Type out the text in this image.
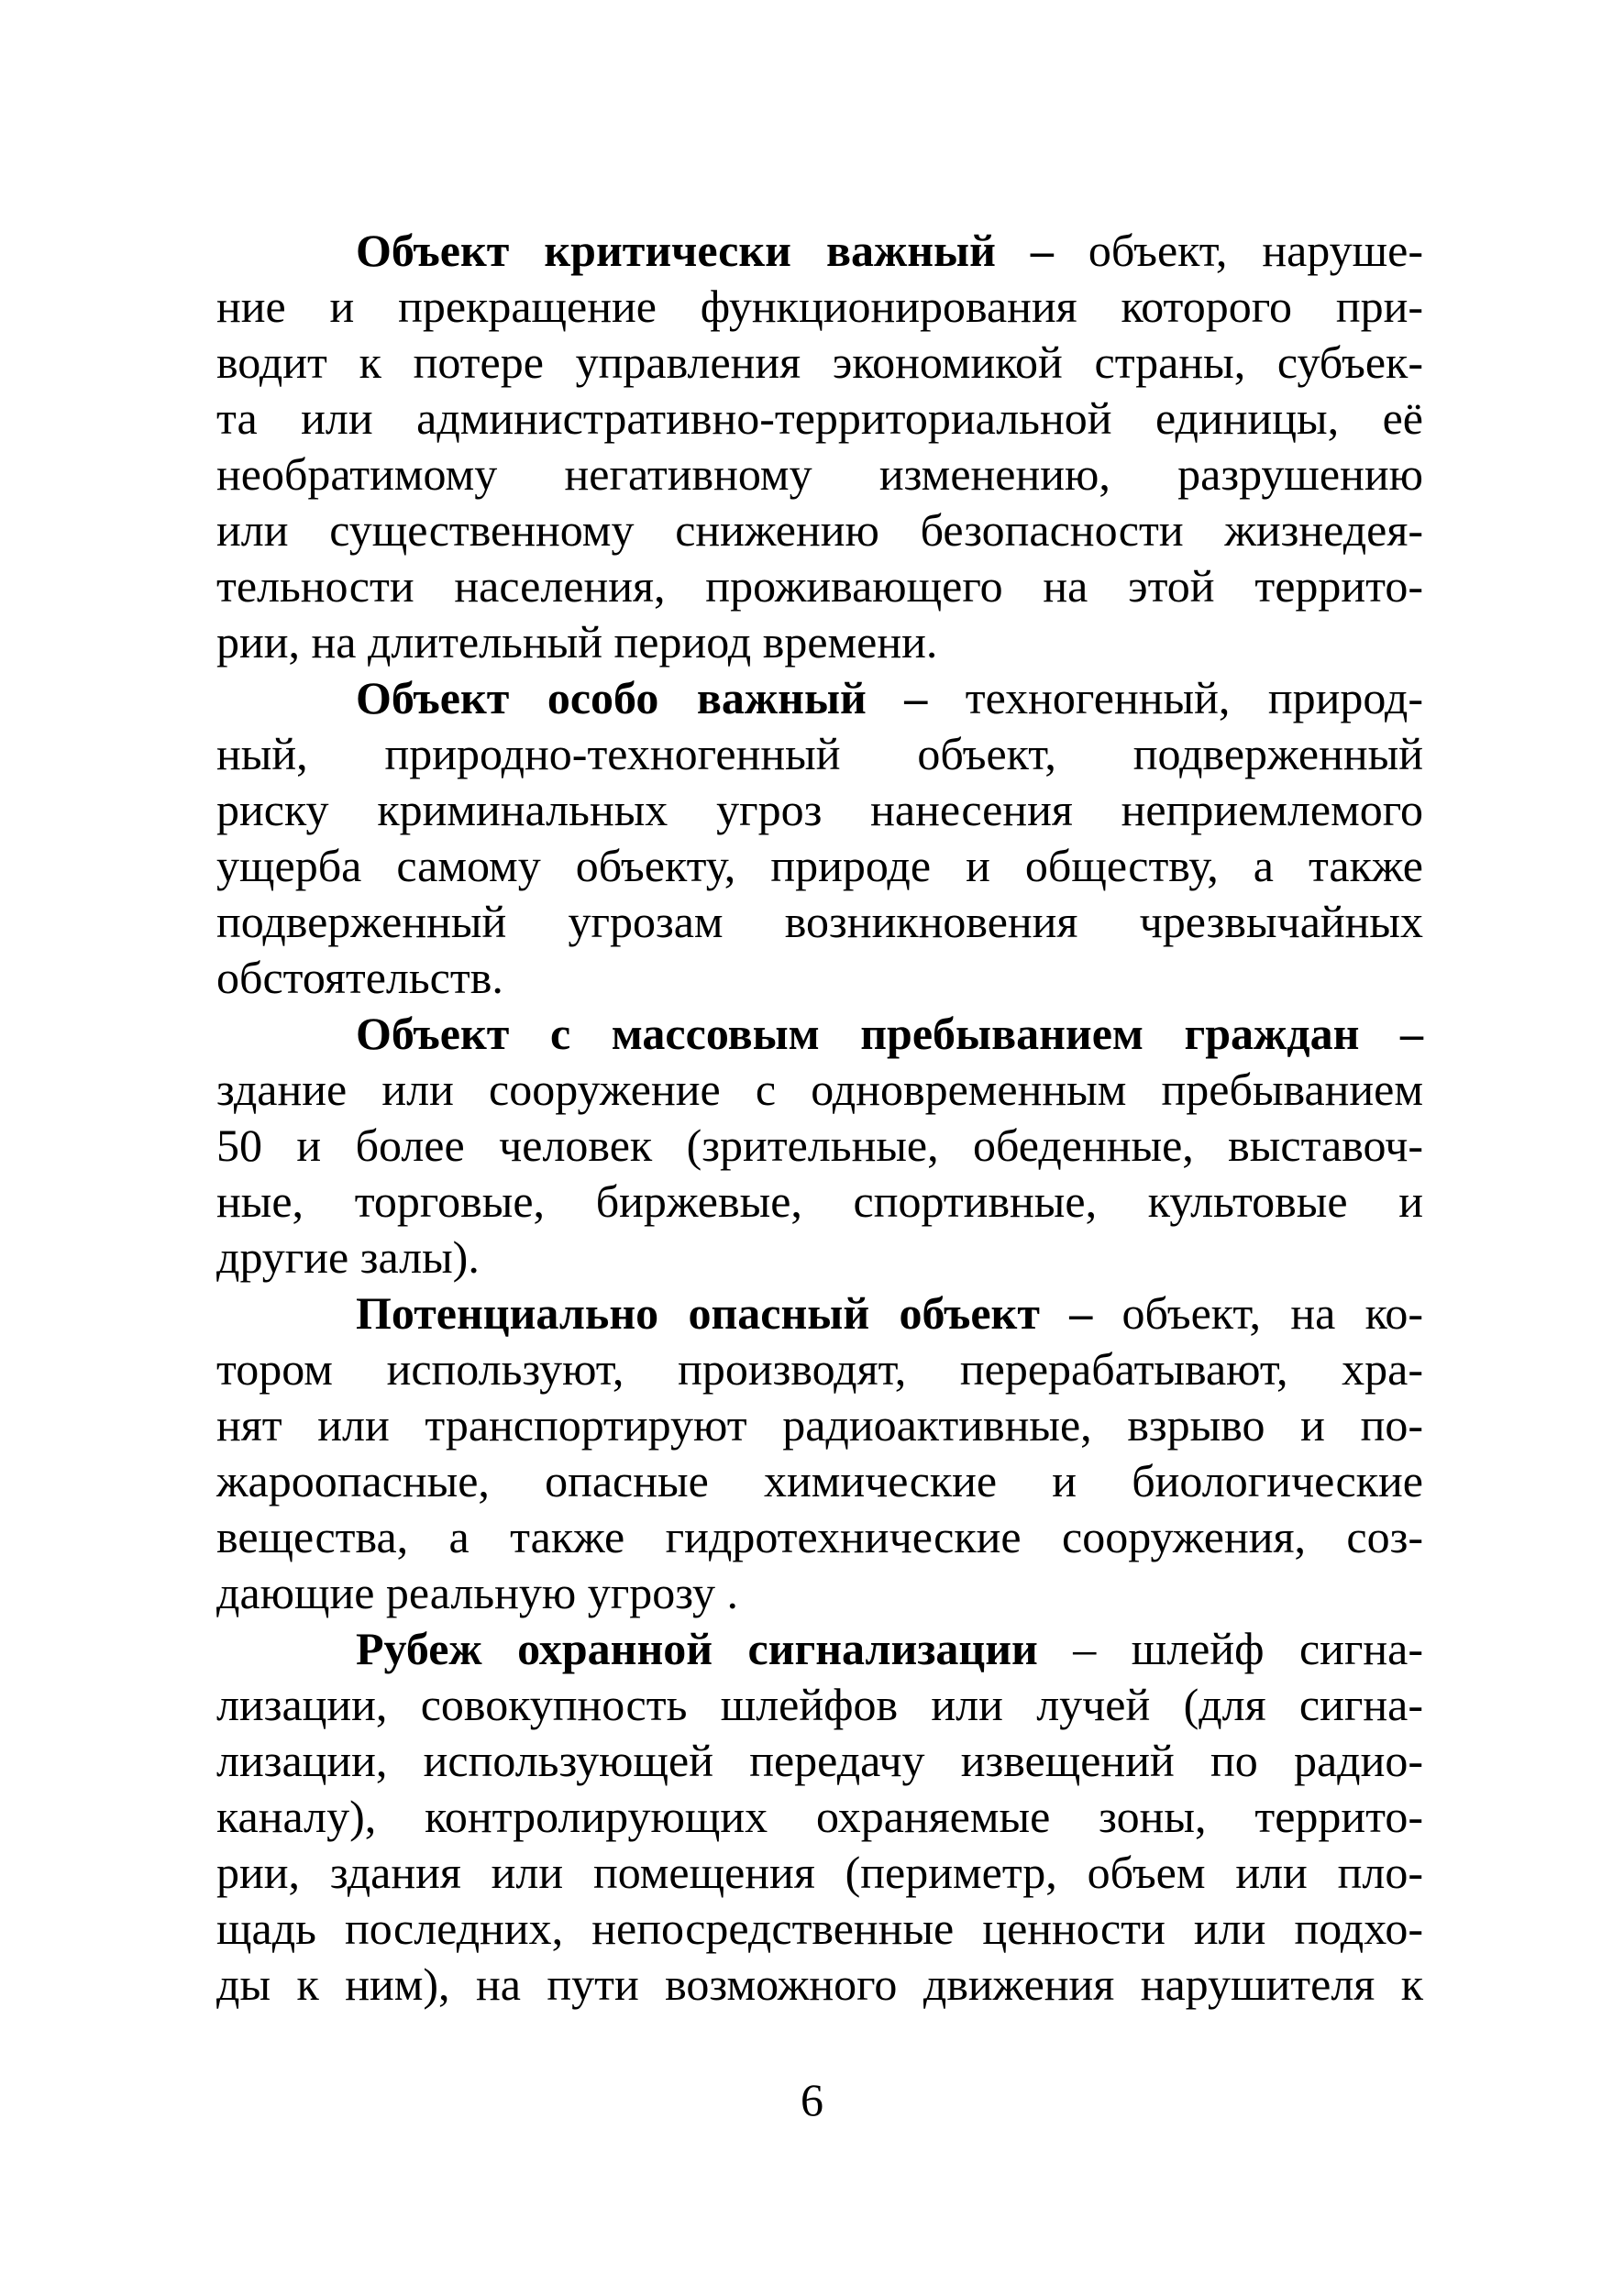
Объект критически важный – объект, наруше-
ние и прекращение функционирования которого при-
водит к потере управления экономикой страны, субъек-
та или административно-территориальной единицы, её
необратимому негативному изменению, разрушению
или существенному снижению безопасности жизнедея-
тельности населения, проживающего на этой террито-
рии, на длительный период времени.
Объект особо важный – техногенный, природ-
ный, природно-техногенный объект, подверженный
риску криминальных угроз нанесения неприемлемого
ущерба самому объекту, природе и обществу, а также
подверженный угрозам возникновения чрезвычайных
обстоятельств.
Объект с массовым пребыванием граждан –
здание или сооружение с одновременным пребыванием
50 и более человек (зрительные, обеденные, выставоч-
ные, торговые, биржевые, спортивные, культовые и
другие залы).
Потенциально опасный объект – объект, на ко-
тором используют, производят, перерабатывают, хра-
нят или транспортируют радиоактивные, взрыво и по-
жароопасные, опасные химические и биологические
вещества, а также гидротехнические сооружения, соз-
дающие реальную угрозу .
Рубеж охранной сигнализации – шлейф сигна-
лизации, совокупность шлейфов или лучей (для сигна-
лизации, использующей передачу извещений по радио-
каналу), контролирующих охраняемые зоны, террито-
рии, здания или помещения (периметр, объем или пло-
щадь последних, непосредственные ценности или подхо-
ды к ним), на пути возможного движения нарушителя к
6
